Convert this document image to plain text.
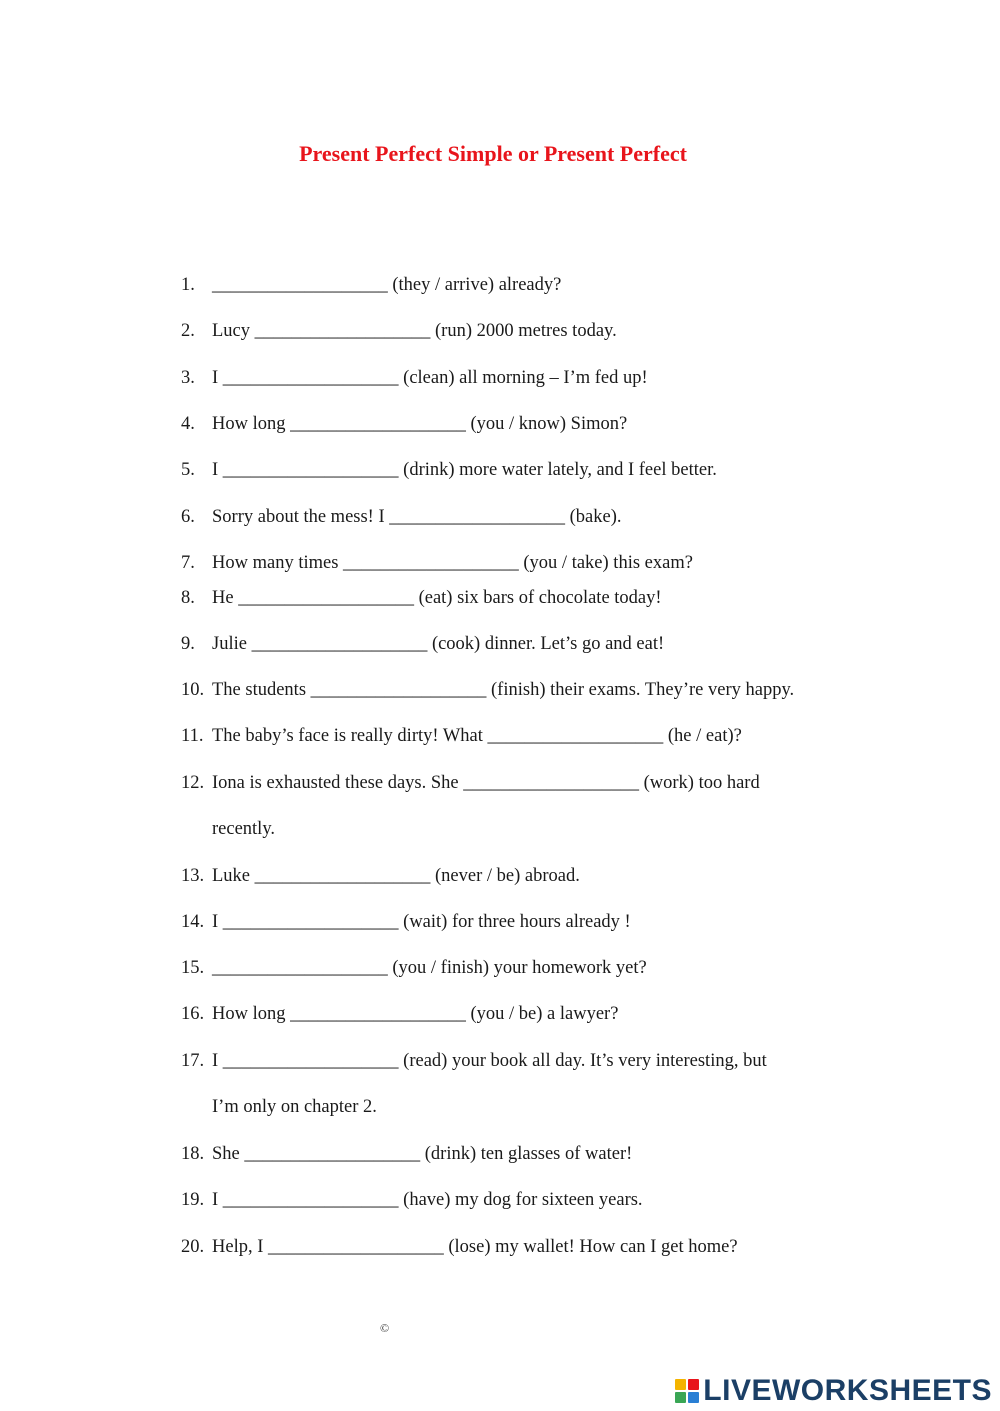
Present Perfect Simple or Present Perfect
1. ___________________ (they / arrive) already?
2. Lucy ___________________ (run) 2000 metres today.
3. I ___________________ (clean) all morning – I’m fed up!
4. How long ___________________ (you / know) Simon?
5. I ___________________ (drink) more water lately, and I feel better.
6. Sorry about the mess! I ___________________ (bake).
7. How many times ___________________ (you / take) this exam?
8. He ___________________ (eat) six bars of chocolate today!
9. Julie ___________________ (cook) dinner. Let’s go and eat!
10. The students ___________________ (finish) their exams. They’re very happy.
11. The baby’s face is really dirty! What ___________________ (he / eat)?
12. Iona is exhausted these days. She ___________________ (work) too hard
recently.
13. Luke ___________________ (never / be) abroad.
14. I ___________________ (wait) for three hours already !
15. ___________________ (you / finish) your homework yet?
16. How long ___________________ (you / be) a lawyer?
17. I ___________________ (read) your book all day. It’s very interesting, but
I’m only on chapter 2.
18. She ___________________ (drink) ten glasses of water!
19. I ___________________ (have) my dog for sixteen years.
20. Help, I ___________________ (lose) my wallet! How can I get home?
©
LIVEWORKSHEETS
